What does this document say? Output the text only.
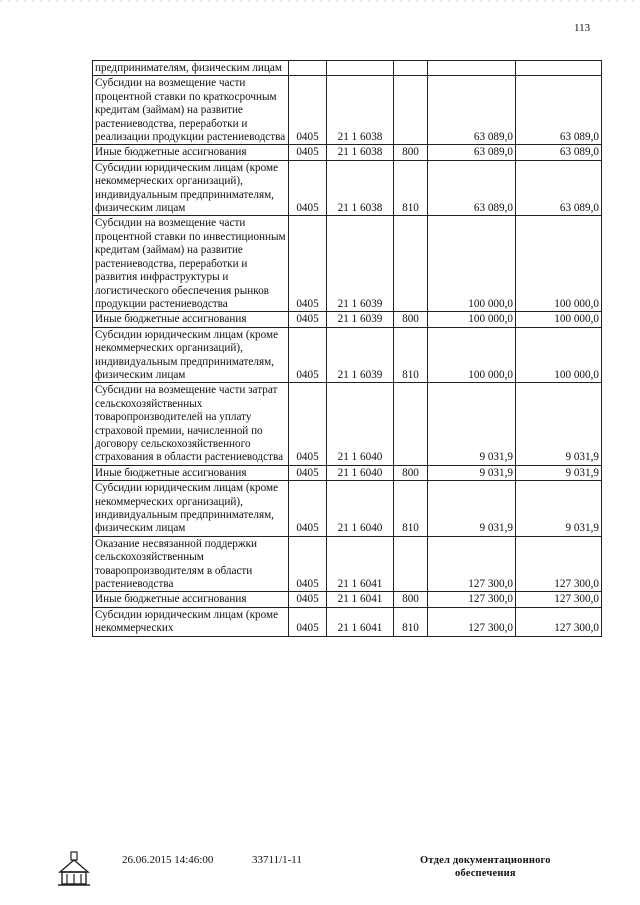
113
предпринимателям, физическим лицам					
Субсидии на возмещение части процентной ставки по краткосрочным кредитам (займам) на развитие растениеводства, переработки и реализации продукции растениеводства	0405	21 1 6038		63 089,0	63 089,0
Иные бюджетные ассигнования	0405	21 1 6038	800	63 089,0	63 089,0
Субсидии юридическим лицам (кроме некоммерческих организаций), индивидуальным предпринимателям, физическим лицам	0405	21 1 6038	810	63 089,0	63 089,0
Субсидии на возмещение части процентной ставки по инвестиционным кредитам (займам) на развитие растениеводства, переработки и развития инфраструктуры и логистического обеспечения рынков продукции растениеводства	0405	21 1 6039		100 000,0	100 000,0
Иные бюджетные ассигнования	0405	21 1 6039	800	100 000,0	100 000,0
Субсидии юридическим лицам (кроме некоммерческих организаций), индивидуальным предпринимателям, физическим лицам	0405	21 1 6039	810	100 000,0	100 000,0
Субсидии на возмещение части затрат сельскохозяйственных товаропроизводителей на уплату страховой премии, начисленной по договору сельскохозяйственного страхования в области растениеводства	0405	21 1 6040		9 031,9	9 031,9
Иные бюджетные ассигнования	0405	21 1 6040	800	9 031,9	9 031,9
Субсидии юридическим лицам (кроме некоммерческих организаций), индивидуальным предпринимателям, физическим лицам	0405	21 1 6040	810	9 031,9	9 031,9
Оказание несвязанной поддержки сельскохозяйственным товаропроизводителям в области растениеводства	0405	21 1 6041		127 300,0	127 300,0
Иные бюджетные ассигнования	0405	21 1 6041	800	127 300,0	127 300,0
Субсидии юридическим лицам (кроме некоммерческих	0405	21 1 6041	810	127 300,0	127 300,0
26.06.2015 14:46:00	33711/1-11	Отдел документационного
обеспечения
